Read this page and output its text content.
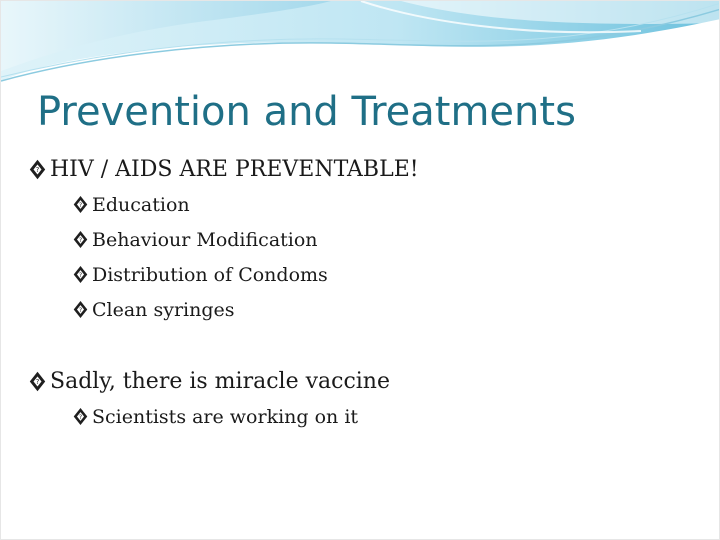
Prevention and Treatments
? HIV / AIDS ARE PREVENTABLE!
? Education
? Behaviour Modification
? Distribution of Condoms
? Clean syringes
? Sadly, there is miracle vaccine
? Scientists are working on it
